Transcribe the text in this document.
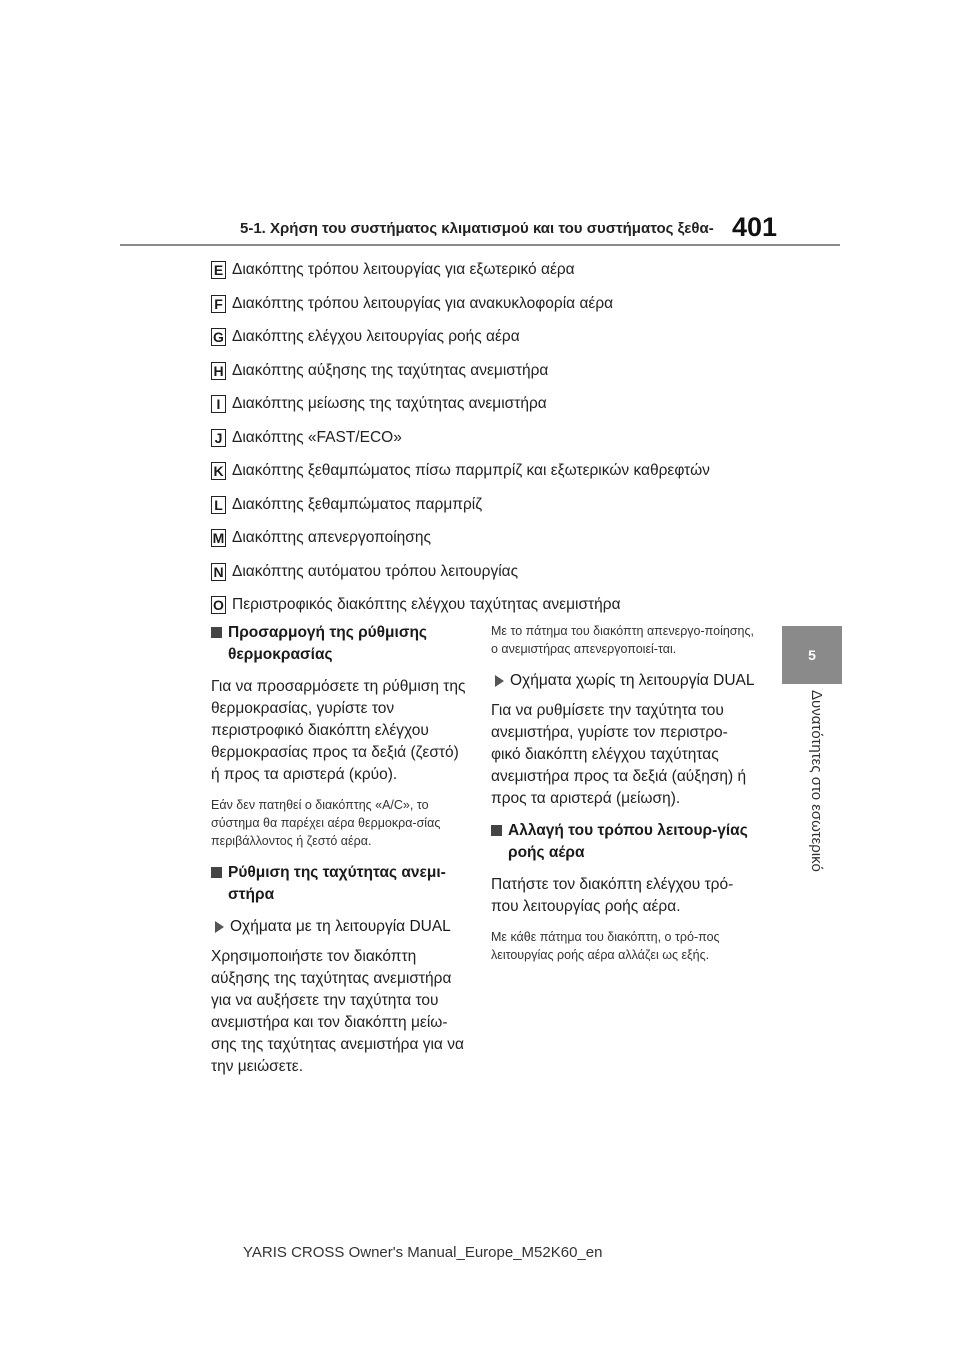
5-1. Χρήση του συστήματος κλιματισμού και του συστήματος ξεθα- 401
5
Δυνατότητες στο εσωτερικό
E Διακόπτης τρόπου λειτουργίας για εξωτερικό αέρα
F Διακόπτης τρόπου λειτουργίας για ανακυκλοφορία αέρα
G Διακόπτης ελέγχου λειτουργίας ροής αέρα
H Διακόπτης αύξησης της ταχύτητας ανεμιστήρα
I Διακόπτης μείωσης της ταχύτητας ανεμιστήρα
J Διακόπτης «FAST/ECO»
K Διακόπτης ξεθαμπώματος πίσω παρμπρίζ και εξωτερικών καθρεφτών
L Διακόπτης ξεθαμπώματος παρμπρίζ
M Διακόπτης απενεργοποίησης
N Διακόπτης αυτόματου τρόπου λειτουργίας
O Περιστροφικός διακόπτης ελέγχου ταχύτητας ανεμιστήρα
Προσαρμογή της ρύθμισης θερμοκρασίας

Για να προσαρμόσετε τη ρύθμιση της θερμοκρασίας, γυρίστε τον περιστροφικό διακόπτη ελέγχου θερμοκρασίας προς τα δεξιά (ζεστό) ή προς τα αριστερά (κρύο).

Εάν δεν πατηθεί ο διακόπτης «A/C», το σύστημα θα παρέχει αέρα θερμοκρα-σίας περιβάλλοντος ή ζεστό αέρα.

Ρύθμιση της ταχύτητας ανεμι-στήρα
Οχήματα με τη λειτουργία DUAL

Χρησιμοποιήστε τον διακόπτη αύξησης της ταχύτητας ανεμιστήρα για να αυξήσετε την ταχύτητα του ανεμιστήρα και τον διακόπτη μείω-σης της ταχύτητας ανεμιστήρα για να την μειώσετε.

Με το πάτημα του διακόπτη απενεργο-ποίησης, ο ανεμιστήρας απενεργοποιεί-ται.

Οχήματα χωρίς τη λειτουργία DUAL

Για να ρυθμίσετε την ταχύτητα του ανεμιστήρα, γυρίστε τον περιστρο-φικό διακόπτη ελέγχου ταχύτητας ανεμιστήρα προς τα δεξιά (αύξηση) ή προς τα αριστερά (μείωση).

Αλλαγή του τρόπου λειτουρ-γίας ροής αέρα

Πατήστε τον διακόπτη ελέγχου τρό-που λειτουργίας ροής αέρα.

Με κάθε πάτημα του διακόπτη, ο τρό-πος λειτουργίας ροής αέρα αλλάζει ως εξής.

YARIS CROSS Owner's Manual_Europe_M52K60_en
